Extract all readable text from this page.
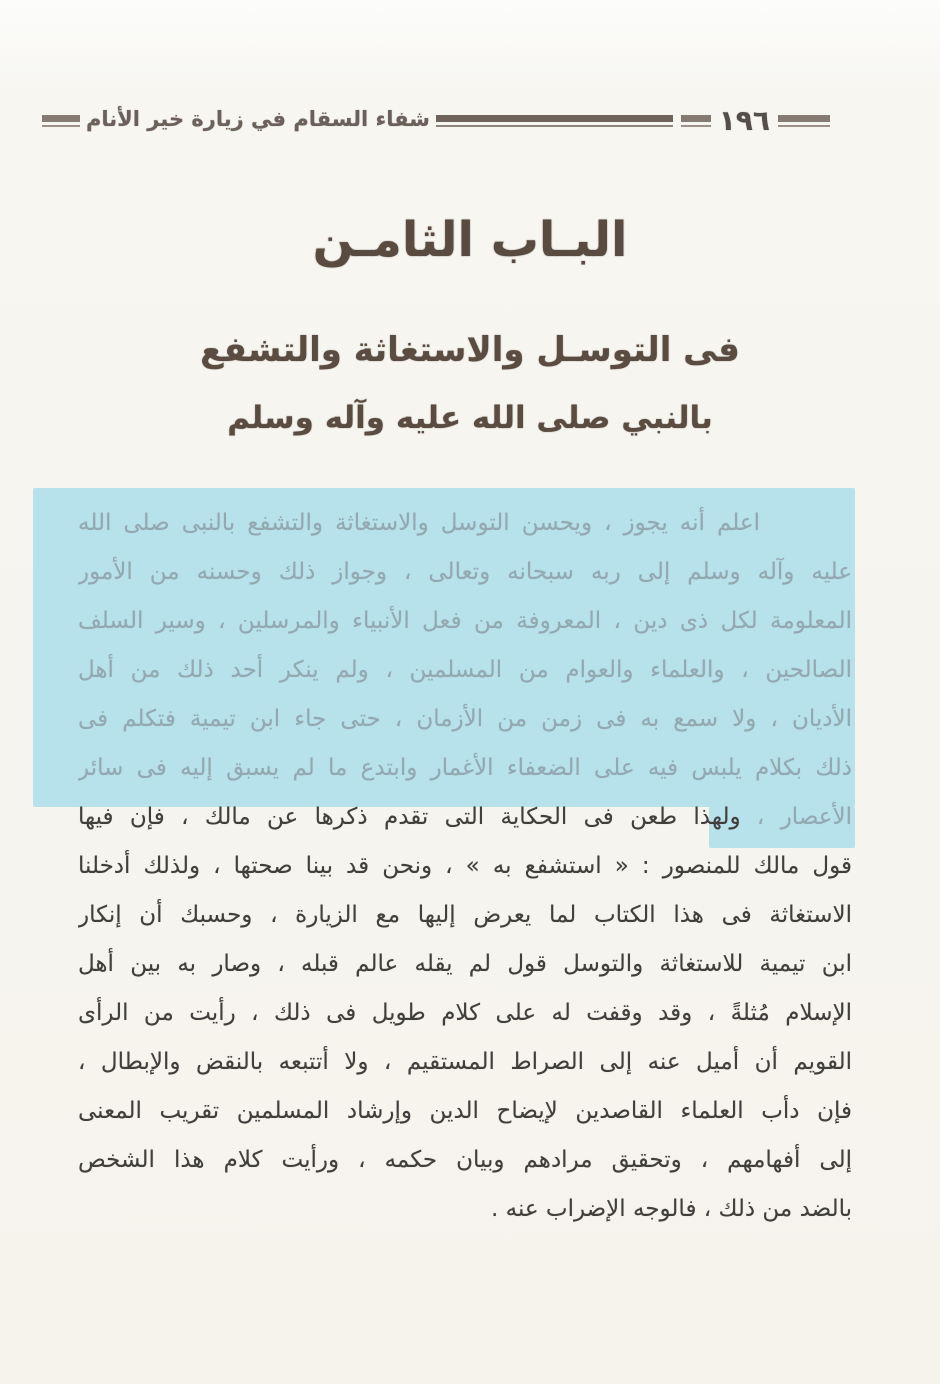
شفاء السقام في زيارة خير الأنام	١٩٦
البـاب الثامـن
فى التوسـل والاستغاثة والتشفع
بالنبي صلى الله عليه وآله وسلم
اعلم أنه يجوز ، ويحسن التوسل والاستغاثة والتشفع بالنبى صلى الله
عليه وآله وسلم إلى ربه سبحانه وتعالى ، وجواز ذلك وحسنه من الأمور
المعلومة لكل ذى دين ، المعروفة من فعل الأنبياء والمرسلين ، وسير السلف
الصالحين ، والعلماء والعوام من المسلمين ، ولم ينكر أحد ذلك من أهل
الأديان ، ولا سمع به فى زمن من الأزمان ، حتى جاء ابن تيمية فتكلم فى
ذلك بكلام يلبس فيه على الضعفاء الأغمار وابتدع ما لم يسبق إليه فى سائر
الأعصار ، ولهذا طعن فى الحكاية التى تقدم ذكرها عن مالك ، فإن فيها
قول مالك للمنصور : « استشفع به » ، ونحن قد بينا صحتها ، ولذلك أدخلنا
الاستغاثة فى هذا الكتاب لما يعرض إليها مع الزيارة ، وحسبك أن إنكار
ابن تيمية للاستغاثة والتوسل قول لم يقله عالم قبله ، وصار به بين أهل
الإسلام مُثلةً ، وقد وقفت له على كلام طويل فى ذلك ، رأيت من الرأى
القويم أن أميل عنه إلى الصراط المستقيم ، ولا أتتبعه بالنقض والإبطال ،
فإن دأب العلماء القاصدين لإيضاح الدين وإرشاد المسلمين تقريب المعنى
إلى أفهامهم ، وتحقيق مرادهم وبيان حكمه ، ورأيت كلام هذا الشخص
بالضد من ذلك ، فالوجه الإضراب عنه .
